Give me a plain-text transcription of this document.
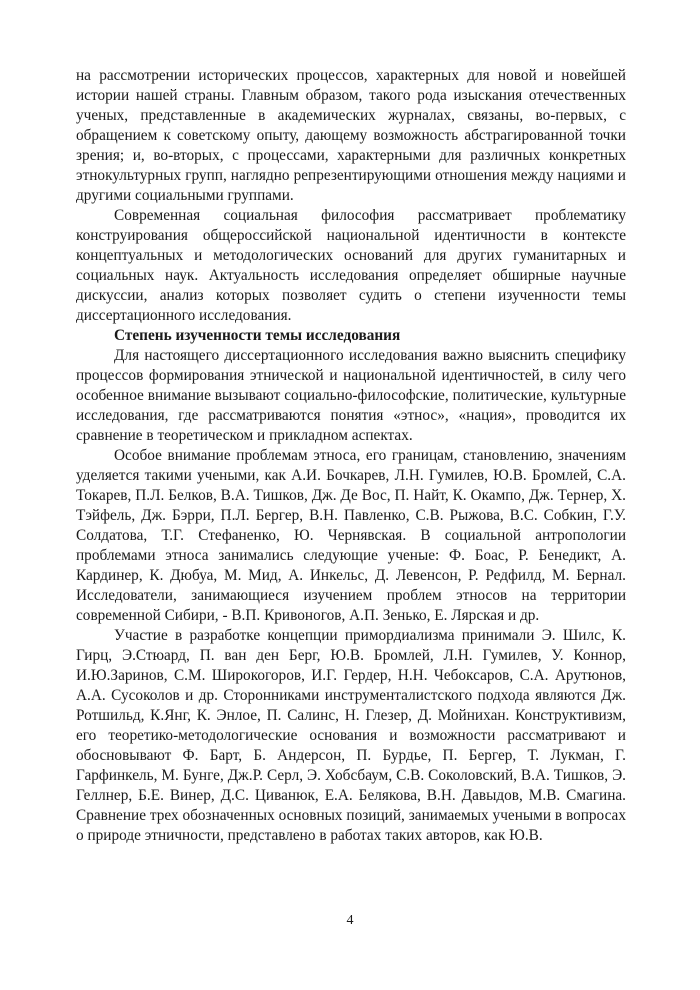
на рассмотрении исторических процессов, характерных для новой и новейшей истории нашей страны. Главным образом, такого рода изыскания отечественных ученых, представленные в академических журналах, связаны, во-первых, с обращением к советскому опыту, дающему возможность абстрагированной точки зрения; и, во-вторых, с процессами, характерными для различных конкретных этнокультурных групп, наглядно репрезентирующими отношения между нациями и другими социальными группами.

Современная социальная философия рассматривает проблематику конструирования общероссийской национальной идентичности в контексте концептуальных и методологических оснований для других гуманитарных и социальных наук. Актуальность исследования определяет обширные научные дискуссии, анализ которых позволяет судить о степени изученности темы диссертационного исследования.

Степень изученности темы исследования

Для настоящего диссертационного исследования важно выяснить специфику процессов формирования этнической и национальной идентичностей, в силу чего особенное внимание вызывают социально-философские, политические, культурные исследования, где рассматриваются понятия «этнос», «нация», проводится их сравнение в теоретическом и прикладном аспектах.

Особое внимание проблемам этноса, его границам, становлению, значениям уделяется такими учеными, как А.И. Бочкарев, Л.Н. Гумилев, Ю.В. Бромлей, С.А. Токарев, П.Л. Белков, В.А. Тишков, Дж. Де Вос, П. Найт, К. Окампо, Дж. Тернер, Х. Тэйфель, Дж. Бэрри, П.Л. Бергер, В.Н. Павленко, С.В. Рыжова, В.С. Собкин, Г.У. Солдатова, Т.Г. Стефаненко, Ю. Чернявская. В социальной антропологии проблемами этноса занимались следующие ученые: Ф. Боас, Р. Бенедикт, А. Кардинер, К. Дюбуа, М. Мид, А. Инкельс, Д. Левенсон, Р. Редфилд, М. Бернал. Исследователи, занимающиеся изучением проблем этносов на территории современной Сибири, - В.П. Кривоногов, А.П. Зенько, Е. Лярская и др.

Участие в разработке концепции примордиализма принимали Э. Шилс, К. Гирц, Э.Стюард, П. ван ден Берг, Ю.В. Бромлей, Л.Н. Гумилев, У. Коннор, И.Ю.Заринов, С.М. Широкогоров, И.Г. Гердер, Н.Н. Чебоксаров, С.А. Арутюнов, А.А. Сусоколов и др. Сторонниками инструменталистского подхода являются Дж. Ротшильд, К.Янг, К. Энлое, П. Салинс, Н. Глезер, Д. Мойнихан. Конструктивизм, его теоретико-методологические основания и возможности рассматривают и обосновывают Ф. Барт, Б. Андерсон, П. Бурдье, П. Бергер, Т. Лукман, Г. Гарфинкель, М. Бунге, Дж.Р. Серл, Э. Хобсбаум, С.В. Соколовский, В.А. Тишков, Э. Геллнер, Б.Е. Винер, Д.С. Циванюк, Е.А. Белякова, В.Н. Давыдов, М.В. Смагина. Сравнение трех обозначенных основных позиций, занимаемых учеными в вопросах о природе этничности, представлено в работах таких авторов, как Ю.В.

4
